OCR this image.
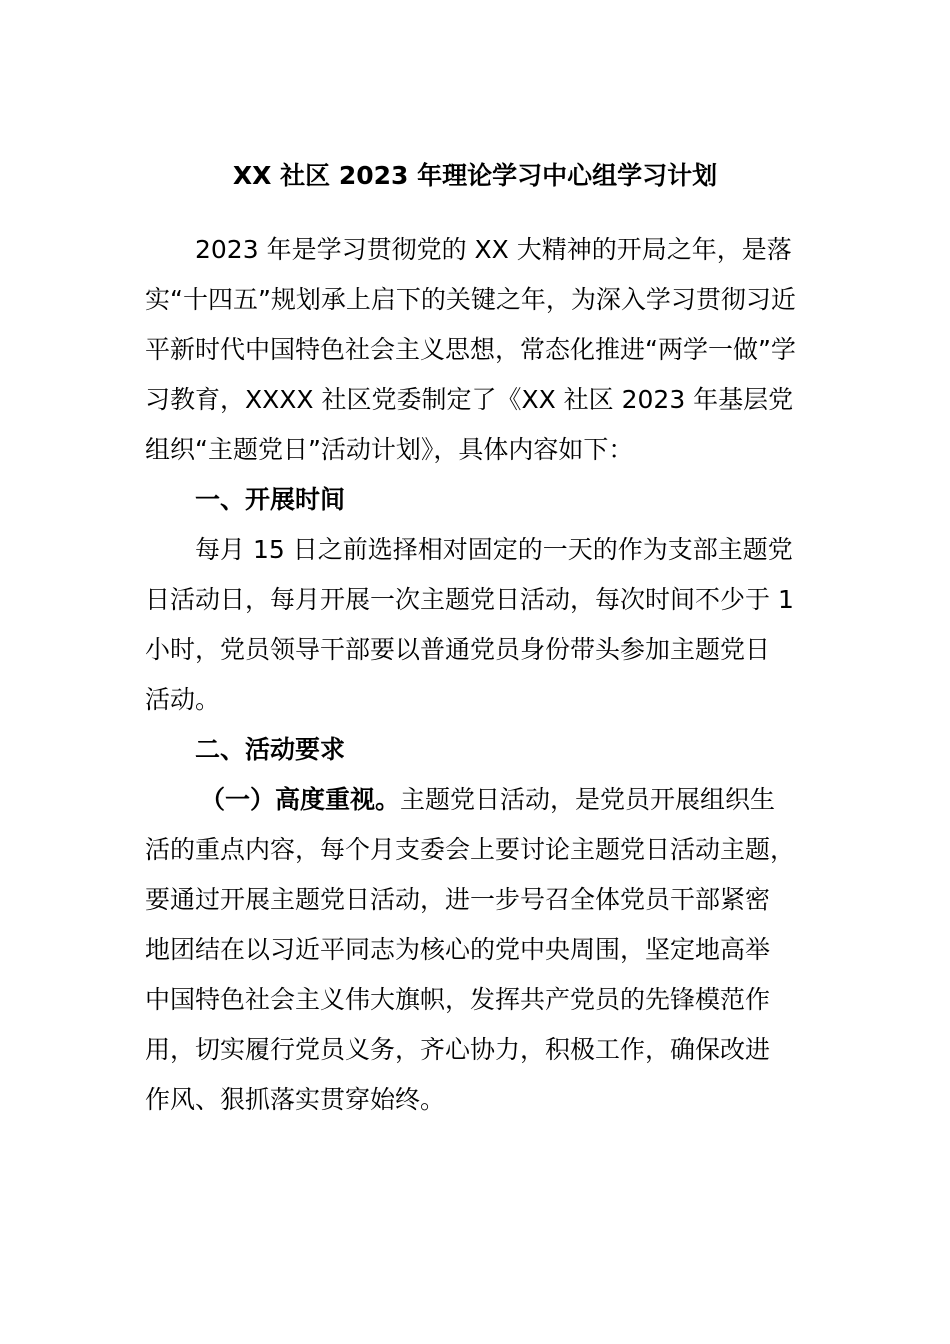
XX 社区 2023 年理论学习中心组学习计划

2023 年是学习贯彻党的 XX 大精神的开局之年，是落

实“十四五”规划承上启下的关键之年，为深入学习贯彻习近

平新时代中国特色社会主义思想，常态化推进“两学一做”学

习教育，XXXX 社区党委制定了《XX 社区 2023 年基层党

组织“主题党日”活动计划》，具体内容如下：

一、开展时间

每月 15 日之前选择相对固定的一天的作为支部主题党

日活动日，每月开展一次主题党日活动，每次时间不少于 1

小时，党员领导干部要以普通党员身份带头参加主题党日

活动。

二、活动要求

（一）高度重视。主题党日活动，是党员开展组织生

活的重点内容，每个月支委会上要讨论主题党日活动主题，

要通过开展主题党日活动，进一步号召全体党员干部紧密

地团结在以习近平同志为核心的党中央周围，坚定地高举

中国特色社会主义伟大旗帜，发挥共产党员的先锋模范作

用，切实履行党员义务，齐心协力，积极工作，确保改进

作风、狠抓落实贯穿始终。
